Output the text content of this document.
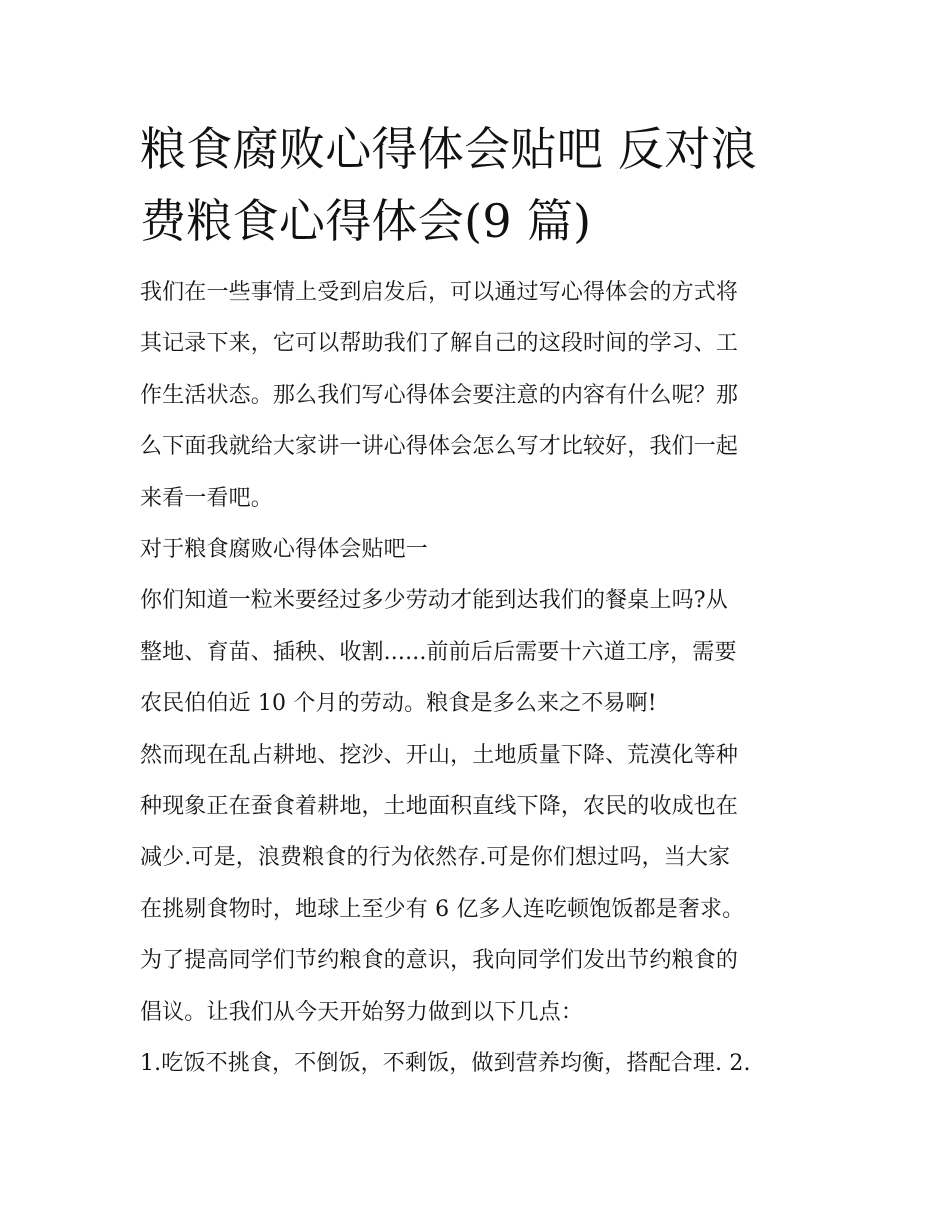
粮食腐败心得体会贴吧 反对浪
费粮食心得体会(9 篇)

我们在一些事情上受到启发后，可以通过写心得体会的方式将
其记录下来，它可以帮助我们了解自己的这段时间的学习、工
作生活状态。那么我们写心得体会要注意的内容有什么呢？那
么下面我就给大家讲一讲心得体会怎么写才比较好，我们一起
来看一看吧。

对于粮食腐败心得体会贴吧一

你们知道一粒米要经过多少劳动才能到达我们的餐桌上吗?从
整地、育苗、插秧、收割......前前后后需要十六道工序，需要
农民伯伯近 10 个月的劳动。粮食是多么来之不易啊!

然而现在乱占耕地、挖沙、开山，土地质量下降、荒漠化等种
种现象正在蚕食着耕地，土地面积直线下降，农民的收成也在
减少.可是，浪费粮食的行为依然存.可是你们想过吗，当大家
在挑剔食物时，地球上至少有 6 亿多人连吃顿饱饭都是奢求。
为了提高同学们节约粮食的意识，我向同学们发出节约粮食的
倡议。让我们从今天开始努力做到以下几点：

1.吃饭不挑食，不倒饭，不剩饭，做到营养均衡，搭配合理. 2.
